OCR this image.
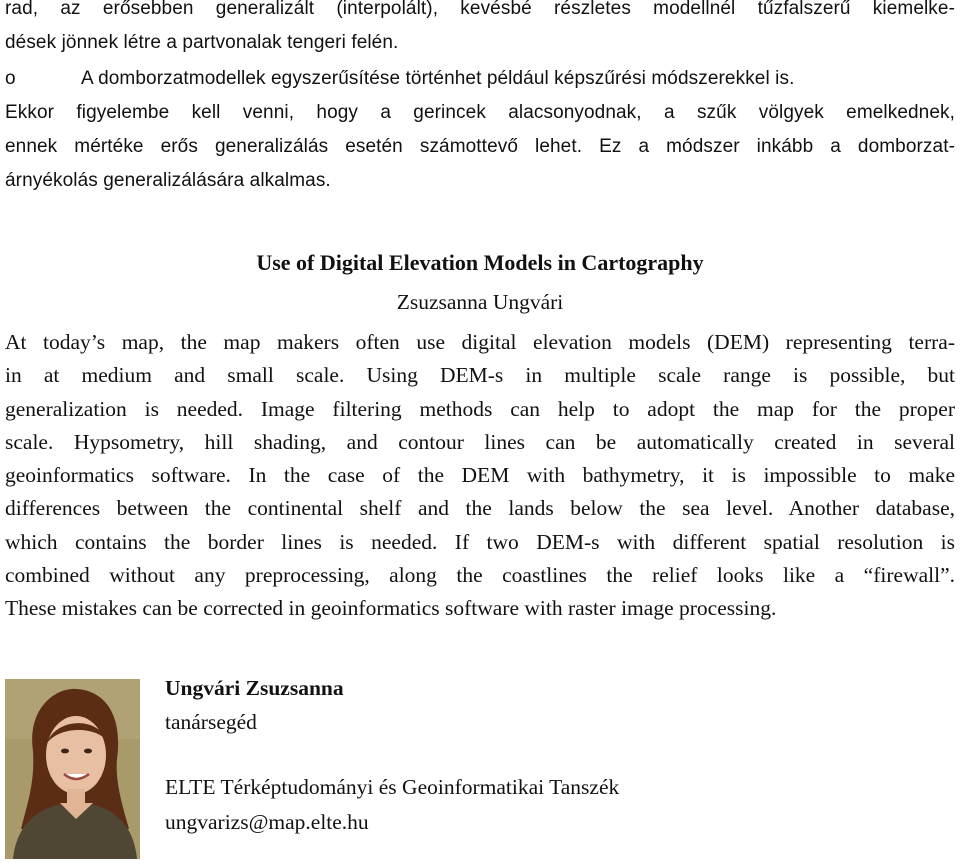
rad, az erősebben generalizált (interpolált), kevésbé részletes modellnél tűzfalszerű kiemelke-
dések jönnek létre a partvonalak tengeri felén.
o	A domborzatmodellek egyszerűsítése történhet például képszűrési módszerekkel is.
Ekkor figyelembe kell venni, hogy a gerincek alacsonyodnak, a szűk völgyek emelkednek,
ennek mértéke erős generalizálás esetén számottevő lehet. Ez a módszer inkább a domborzat-
árnyékolás generalizálására alkalmas.
Use of Digital Elevation Models in Cartography
Zsuzsanna Ungvári
At today’s map, the map makers often use digital elevation models (DEM) representing terra-
in at medium and small scale. Using DEM-s in multiple scale range is possible, but
generalization is needed. Image filtering methods can help to adopt the map for the proper
scale. Hypsometry, hill shading, and contour lines can be automatically created in several
geoinformatics software. In the case of the DEM with bathymetry, it is impossible to make
differences between the continental shelf and the lands below the sea level. Another database,
which contains the border lines is needed. If two DEM-s with different spatial resolution is
combined without any preprocessing, along the coastlines the relief looks like a “firewall”.
These mistakes can be corrected in geoinformatics software with raster image processing.
Ungvári Zsuzsanna
tanársegéd
ELTE Térképtudományi és Geoinformatikai Tanszék
ungvarizs@map.elte.hu
